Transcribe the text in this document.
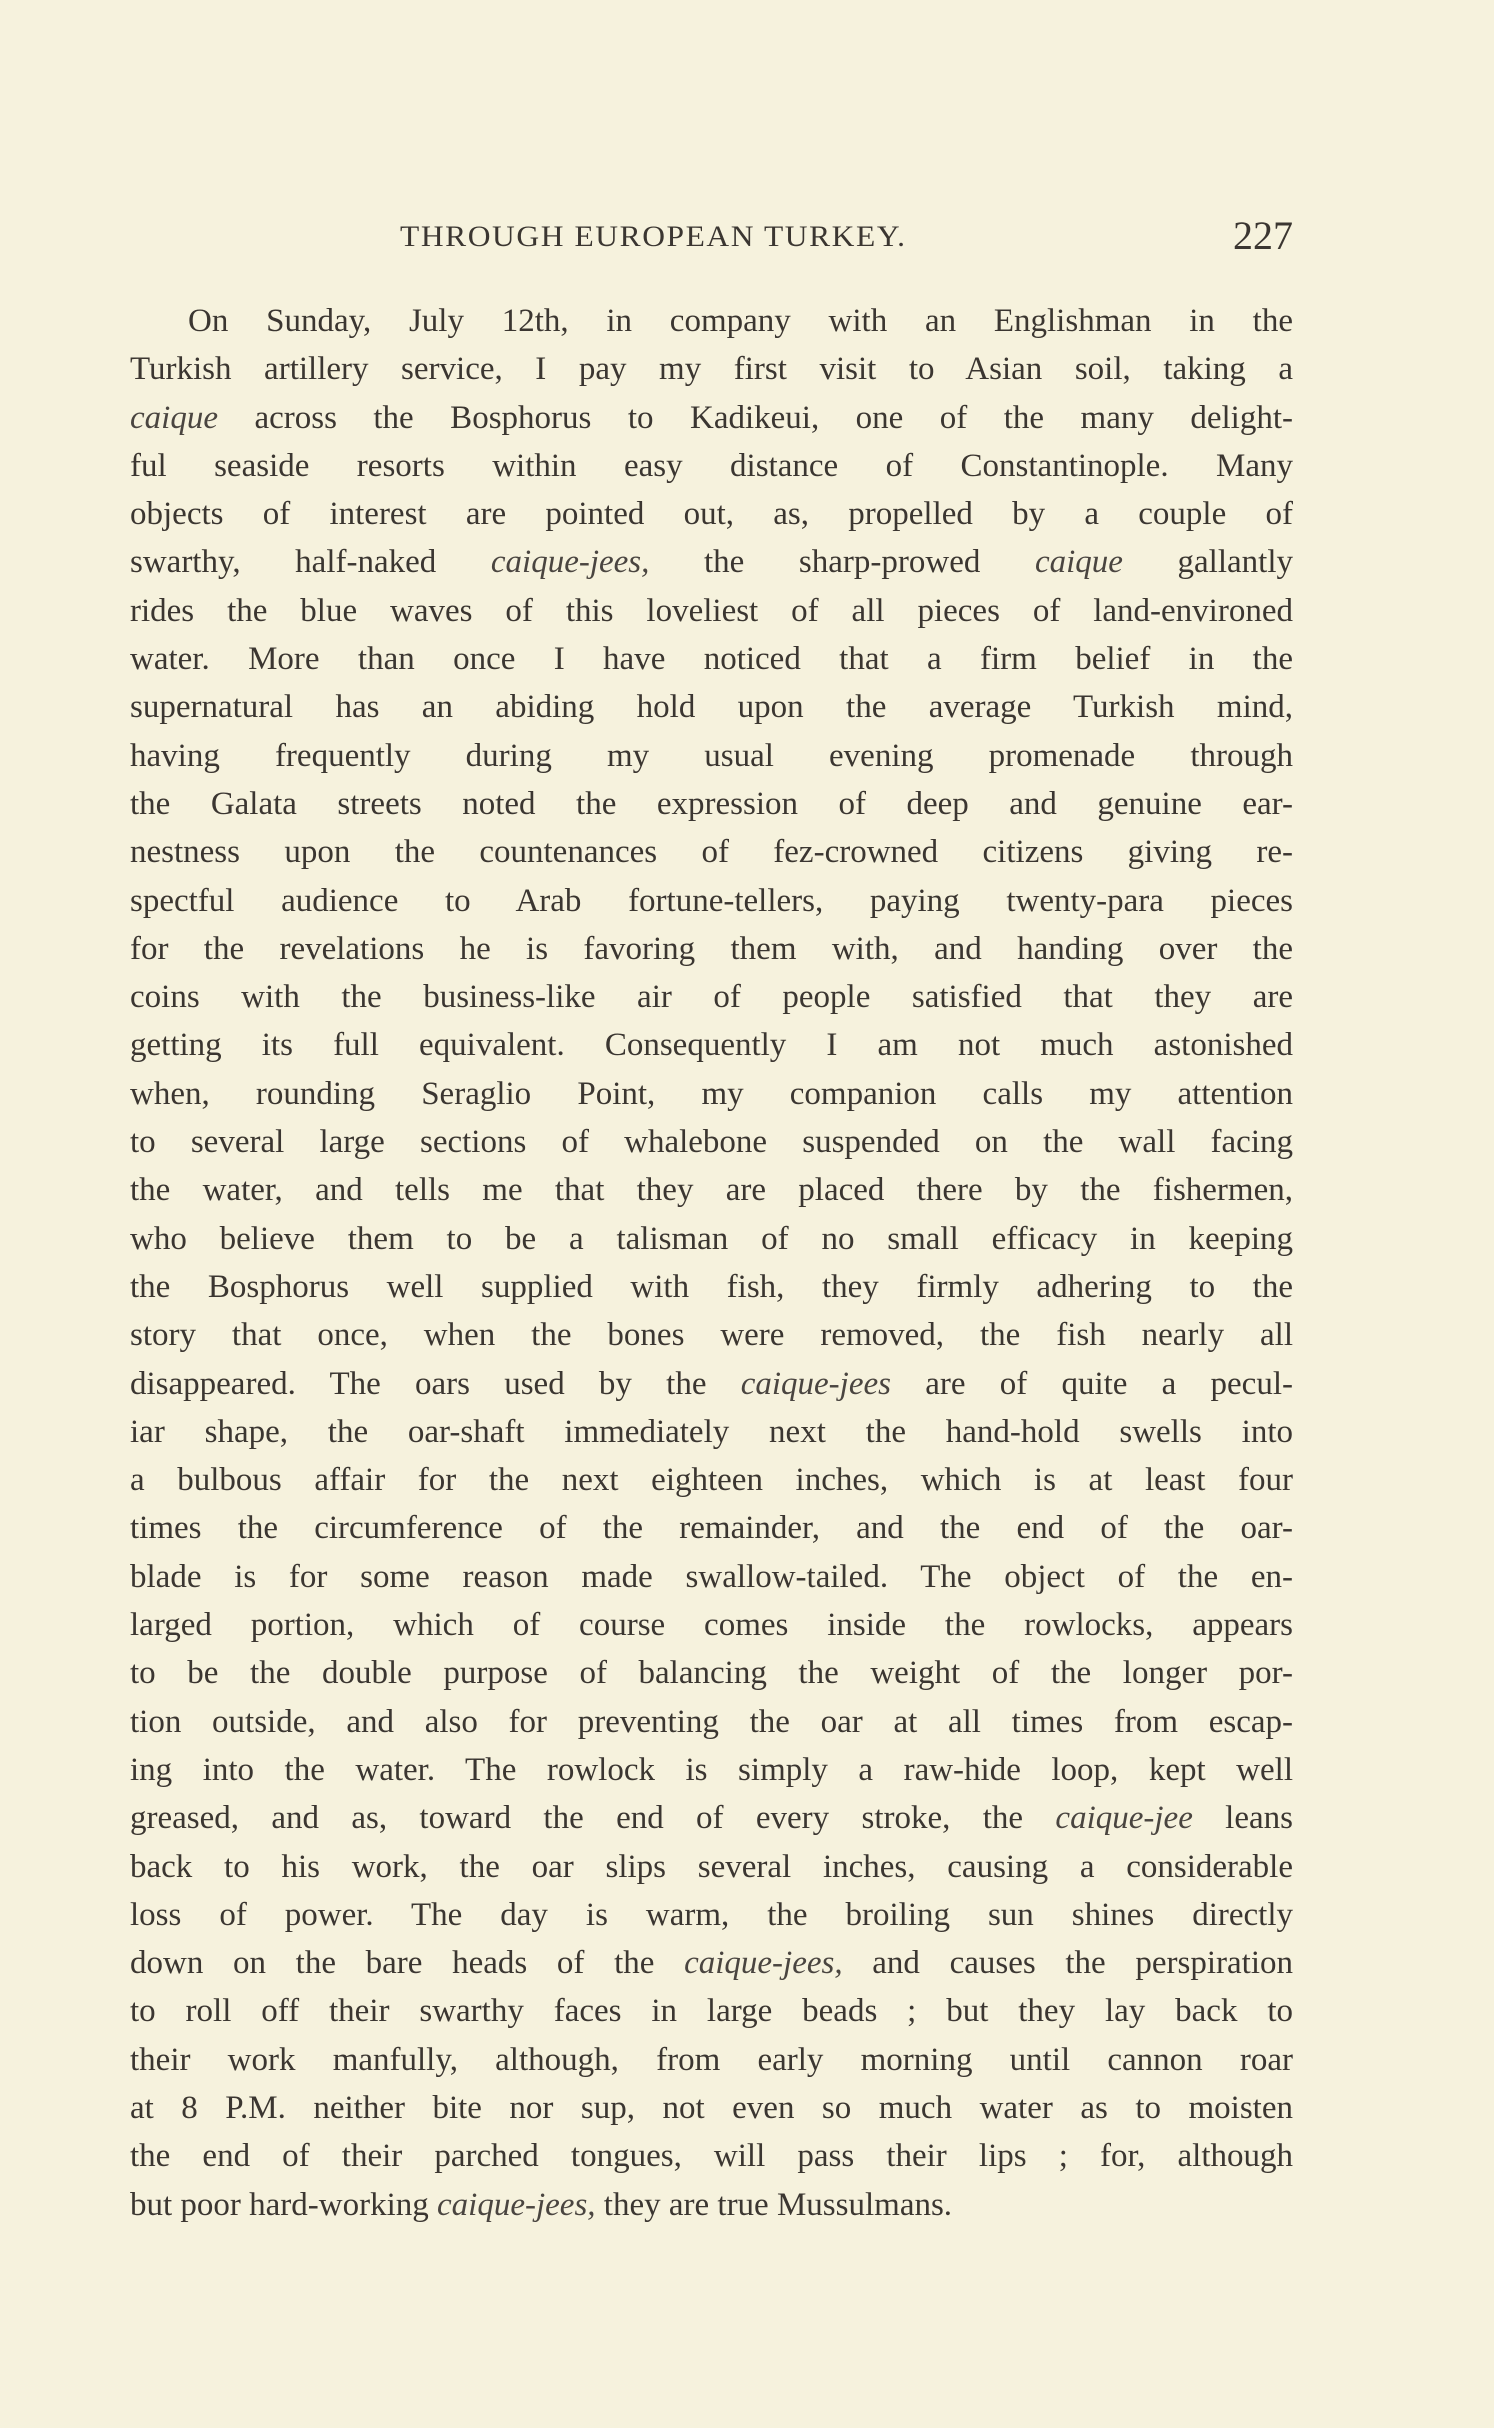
THROUGH EUROPEAN TURKEY.	227
On Sunday, July 12th, in company with an Englishman in the
Turkish artillery service, I pay my first visit to Asian soil, taking a
caique across the Bosphorus to Kadikeui, one of the many delight-
ful seaside resorts within easy distance of Constantinople. Many
objects of interest are pointed out, as, propelled by a couple of
swarthy, half-naked caique-jees, the sharp-prowed caique gallantly
rides the blue waves of this loveliest of all pieces of land-environed
water. More than once I have noticed that a firm belief in the
supernatural has an abiding hold upon the average Turkish mind,
having frequently during my usual evening promenade through
the Galata streets noted the expression of deep and genuine ear-
nestness upon the countenances of fez-crowned citizens giving re-
spectful audience to Arab fortune-tellers, paying twenty-para pieces
for the revelations he is favoring them with, and handing over the
coins with the business-like air of people satisfied that they are
getting its full equivalent. Consequently I am not much astonished
when, rounding Seraglio Point, my companion calls my attention
to several large sections of whalebone suspended on the wall facing
the water, and tells me that they are placed there by the fishermen,
who believe them to be a talisman of no small efficacy in keeping
the Bosphorus well supplied with fish, they firmly adhering to the
story that once, when the bones were removed, the fish nearly all
disappeared. The oars used by the caique-jees are of quite a pecul-
iar shape, the oar-shaft immediately next the hand-hold swells into
a bulbous affair for the next eighteen inches, which is at least four
times the circumference of the remainder, and the end of the oar-
blade is for some reason made swallow-tailed. The object of the en-
larged portion, which of course comes inside the rowlocks, appears
to be the double purpose of balancing the weight of the longer por-
tion outside, and also for preventing the oar at all times from escap-
ing into the water. The rowlock is simply a raw-hide loop, kept well
greased, and as, toward the end of every stroke, the caique-jee leans
back to his work, the oar slips several inches, causing a considerable
loss of power. The day is warm, the broiling sun shines directly
down on the bare heads of the caique-jees, and causes the perspiration
to roll off their swarthy faces in large beads ; but they lay back to
their work manfully, although, from early morning until cannon roar
at 8 P.M. neither bite nor sup, not even so much water as to moisten
the end of their parched tongues, will pass their lips ; for, although
but poor hard-working caique-jees, they are true Mussulmans.
